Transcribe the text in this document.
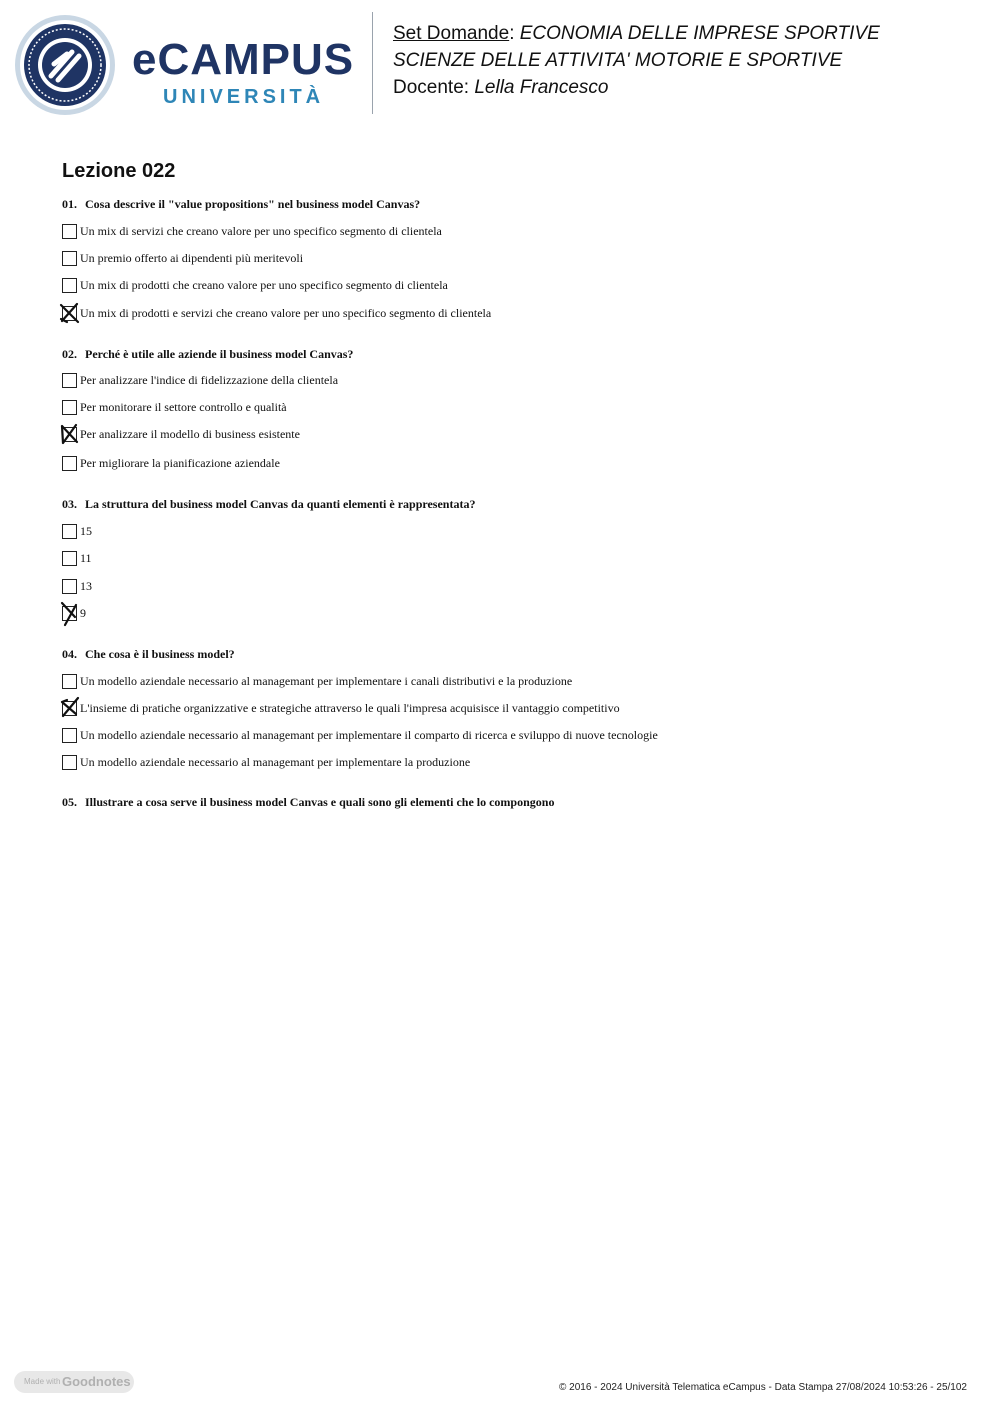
eCAMPUS
UNIVERSITÀ
Set Domande: ECONOMIA DELLE IMPRESE SPORTIVE
SCIENZE DELLE ATTIVITA' MOTORIE E SPORTIVE
Docente: Lella Francesco
Lezione 022
01. Cosa descrive il "value propositions" nel business model Canvas?
Un mix di servizi che creano valore per uno specifico segmento di clientela
Un premio offerto ai dipendenti più meritevoli
Un mix di prodotti che creano valore per uno specifico segmento di clientela
Un mix di prodotti e servizi che creano valore per uno specifico segmento di clientela
02. Perché è utile alle aziende il business model Canvas?
Per analizzare l'indice di fidelizzazione della clientela
Per monitorare il settore controllo e qualità
Per analizzare il modello di business esistente
Per migliorare la pianificazione aziendale
03. La struttura del business model Canvas da quanti elementi è rappresentata?
15
11
13
9
04. Che cosa è il business model?
Un modello aziendale necessario al managemant per implementare i canali distributivi e la produzione
L'insieme di pratiche organizzative e strategiche attraverso le quali l'impresa acquisisce il vantaggio competitivo
Un modello aziendale necessario al managemant per implementare il comparto di ricerca e sviluppo di nuove tecnologie
Un modello aziendale necessario al managemant per implementare la produzione
05. Illustrare a cosa serve il business model Canvas e quali sono gli elementi che lo compongono
Made with Goodnotes	© 2016 - 2024 Università Telematica eCampus - Data Stampa 27/08/2024 10:53:26 - 25/102
